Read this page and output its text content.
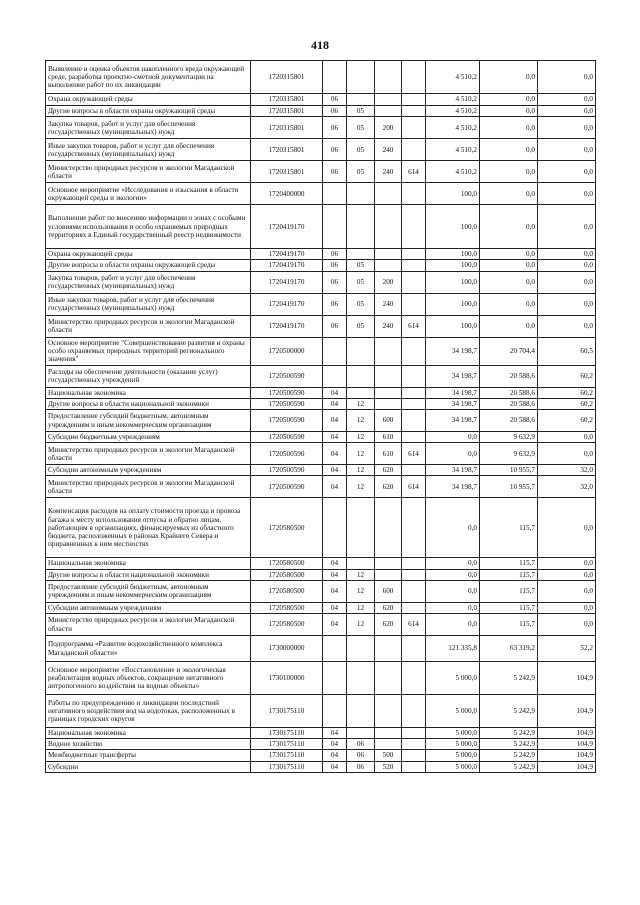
418
Выявление и оценка объектов накопленного вреда окружающей среде, разработка проектно-сметной документации на выполнение работ по их ликвидации	1720315801					4 510,2	0,0	0,0
Охрана окружающей среды	1720315801	06				4 510,2	0,0	0,0
Другие вопросы в области охраны окружающей среды	1720315801	06	05			4 510,2	0,0	0,0
Закупка товаров, работ и услуг для обеспечения государственных (муниципальных) нужд	1720315801	06	05	200		4 510,2	0,0	0,0
Иные закупки товаров, работ и услуг для обеспечения государственных (муниципальных) нужд	1720315801	06	05	240		4 510,2	0,0	0,0
Министерство природных ресурсов и экологии Магаданской области	1720315801	06	05	240	614	4 510,2	0,0	0,0
Основное мероприятие «Исследования и изыскания в области окружающей среды и экологии»	1720400000					100,0	0,0	0,0
Выполнение работ по внесению информации о зонах с особыми условиями использования и особо охраняемых природных территориях в Единый государственный реестр недвижимости	1720419170					100,0	0,0	0,0
Охрана окружающей среды	1720419170	06				100,0	0,0	0,0
Другие вопросы в области охраны окружающей среды	1720419170	06	05			100,0	0,0	0,0
Закупка товаров, работ и услуг для обеспечения государственных (муниципальных) нужд	1720419170	06	05	200		100,0	0,0	0,0
Иные закупки товаров, работ и услуг для обеспечения государственных (муниципальных) нужд	1720419170	06	05	240		100,0	0,0	0,0
Министерство природных ресурсов и экологии Магаданской области	1720419170	06	05	240	614	100,0	0,0	0,0
Основное мероприятие "Совершенствование развития и охраны особо охраняемых природных территорий регионального значения"	1720500000					34 198,7	20 704,4	60,5
Расходы на обеспечение деятельности (оказание услуг) государственных учреждений	1720500590					34 198,7	20 588,6	60,2
Национальная экономика	1720500590	04				34 198,7	20 588,6	60,2
Другие вопросы в области национальной экономики	1720500590	04	12			34 198,7	20 588,6	60,2
Предоставление субсидий бюджетным, автономным учреждениям и иным некоммерческим организациям	1720500590	04	12	600		34 198,7	20 588,6	60,2
Субсидии бюджетным учреждениям	1720500590	04	12	610		0,0	9 632,9	0,0
Министерство природных ресурсов и экологии Магаданской области	1720500590	04	12	610	614	0,0	9 632,9	0,0
Субсидии автономным учреждениям	1720500590	04	12	620		34 198,7	10 955,7	32,0
Министерство природных ресурсов и экологии Магаданской области	1720500590	04	12	620	614	34 198,7	10 955,7	32,0
Компенсация расходов на оплату стоимости проезда и провоза багажа к месту использования отпуска и обратно лицам, работающим в организациях, финансируемых из областного бюджета, расположенных в районах Крайнего Севера и приравненных к ним местностях	1720580500					0,0	115,7	0,0
Национальная экономика	1720580500	04				0,0	115,7	0,0
Другие вопросы в области национальной экономики	1720580500	04	12			0,0	115,7	0,0
Предоставление субсидий бюджетным, автономным учреждениям и иным некоммерческим организациям	1720580500	04	12	600		0,0	115,7	0,0
Субсидии автономным учреждениям	1720580500	04	12	620		0,0	115,7	0,0
Министерство природных ресурсов и экологии Магаданской области	1720580500	04	12	620	614	0,0	115,7	0,0
Подпрограмма «Развитие водохозяйственного комплекса Магаданской области»	1730000000					121 335,8	63 319,2	52,2
Основное мероприятие «Восстановление и экологическая реабилитация водных объектов, сокращение негативного антропогенного воздействия на водные объекты»	1730100000					5 000,0	5 242,9	104,9
Работы по предупреждению и ликвидации последствий негативного воздействия вод на водотоках, расположенных в границах городских округов	1730175110					5 000,0	5 242,9	104,9
Национальная экономика	1730175110	04				5 000,0	5 242,9	104,9
Водное хозяйство	1730175110	04	06			5 000,0	5 242,9	104,9
Межбюджетные трансферты	1730175110	04	06	500		5 000,0	5 242,9	104,9
Субсидии	1730175110	04	06	520		5 000,0	5 242,9	104,9
